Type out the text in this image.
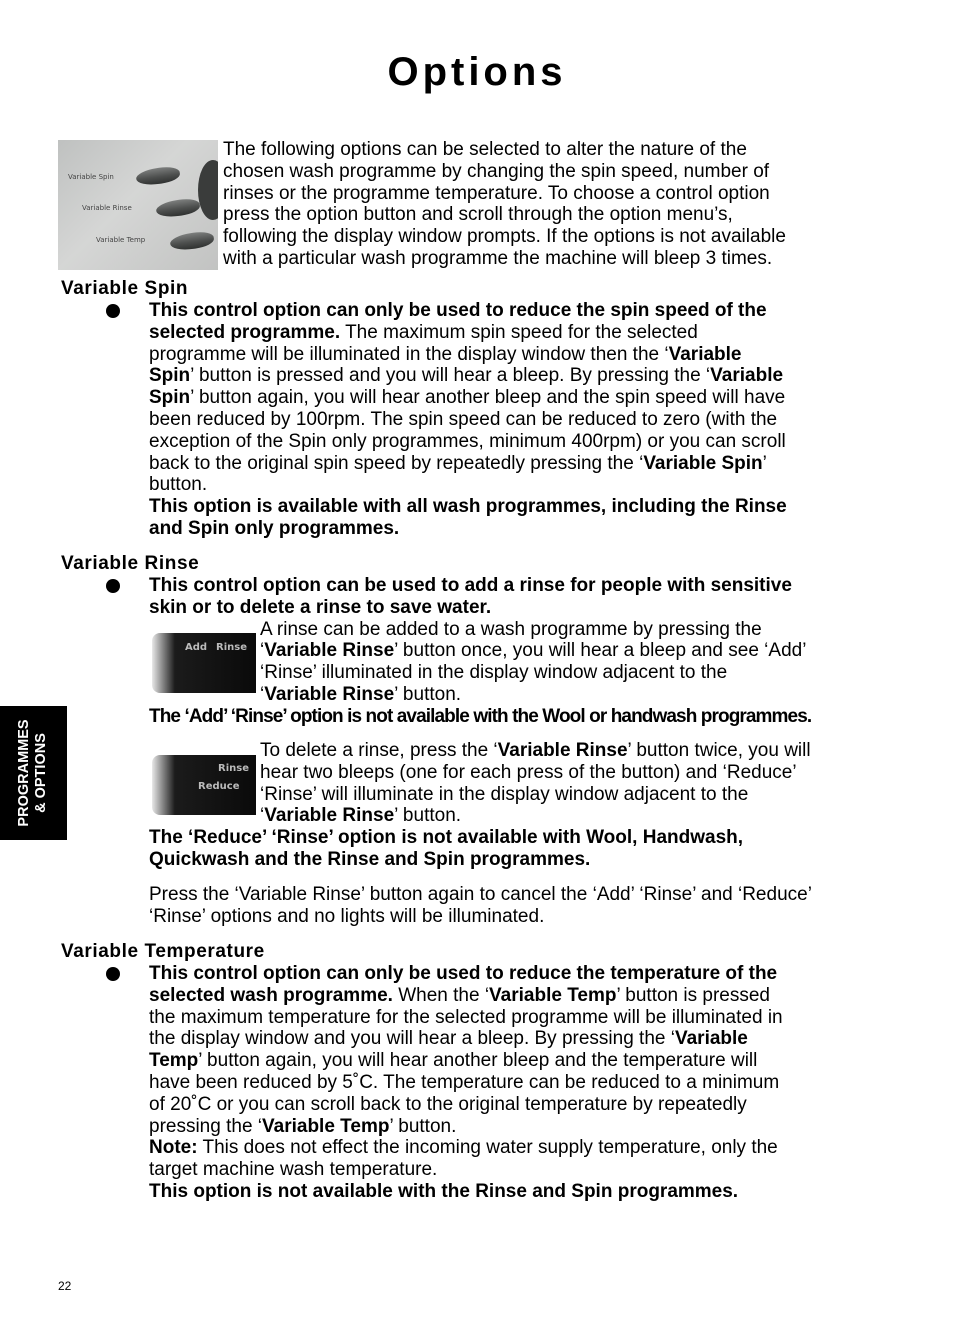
Options
Variable Spin
Variable Rinse
Variable Temp
The following options can be selected to alter the nature of the
chosen wash programme by changing the spin speed, number of
rinses or the programme temperature. To choose a control option
press the option button and scroll through the option menu’s,
following the display window prompts. If the options is not available
with a particular wash programme the machine will bleep 3 times.
Variable Spin
This control option can only be used to reduce the spin speed of the
selected programme. The maximum spin speed for the selected
programme will be illuminated in the display window then the ‘Variable
Spin’ button is pressed and you will hear a bleep. By pressing the ‘Variable
Spin’ button again, you will hear another bleep and the spin speed will have
been reduced by 100rpm. The spin speed can be reduced to zero (with the
exception of the Spin only programmes, minimum 400rpm) or you can scroll
back to the original spin speed by repeatedly pressing the ‘Variable Spin’
button.
This option is available with all wash programmes, including the Rinse
and Spin only programmes.
Variable Rinse
This control option can be used to add a rinse for people with sensitive
skin or to delete a rinse to save water.
Add Rinse
A rinse can be added to a wash programme by pressing the
‘Variable Rinse’ button once, you will hear a bleep and see ‘Add’
‘Rinse’ illuminated in the display window adjacent to the
‘Variable Rinse’ button.
The ‘Add’ ‘Rinse’ option is not available with the Wool or handwash programmes.
Rinse
Reduce
To delete a rinse, press the ‘Variable Rinse’ button twice, you will
hear two bleeps (one for each press of the button) and ‘Reduce’
‘Rinse’ will illuminate in the display window adjacent to the
‘Variable Rinse’ button.
The ‘Reduce’ ‘Rinse’ option is not available with Wool, Handwash,
Quickwash and the Rinse and Spin programmes.
Press the ‘Variable Rinse’ button again to cancel the ‘Add’ ‘Rinse’ and ‘Reduce’
‘Rinse’ options and no lights will be illuminated.
Variable Temperature
This control option can only be used to reduce the temperature of the
selected wash programme. When the ‘Variable Temp’ button is pressed
the maximum temperature for the selected programme will be illuminated in
the display window and you will hear a bleep. By pressing the ‘Variable
Temp’ button again, you will hear another bleep and the temperature will
have been reduced by 5˚C. The temperature can be reduced to a minimum
of 20˚C or you can scroll back to the original temperature by repeatedly
pressing the ‘Variable Temp’ button.
Note: This does not effect the incoming water supply temperature, only the
target machine wash temperature.
This option is not available with the Rinse and Spin programmes.
PROGRAMMES & OPTIONS
22
